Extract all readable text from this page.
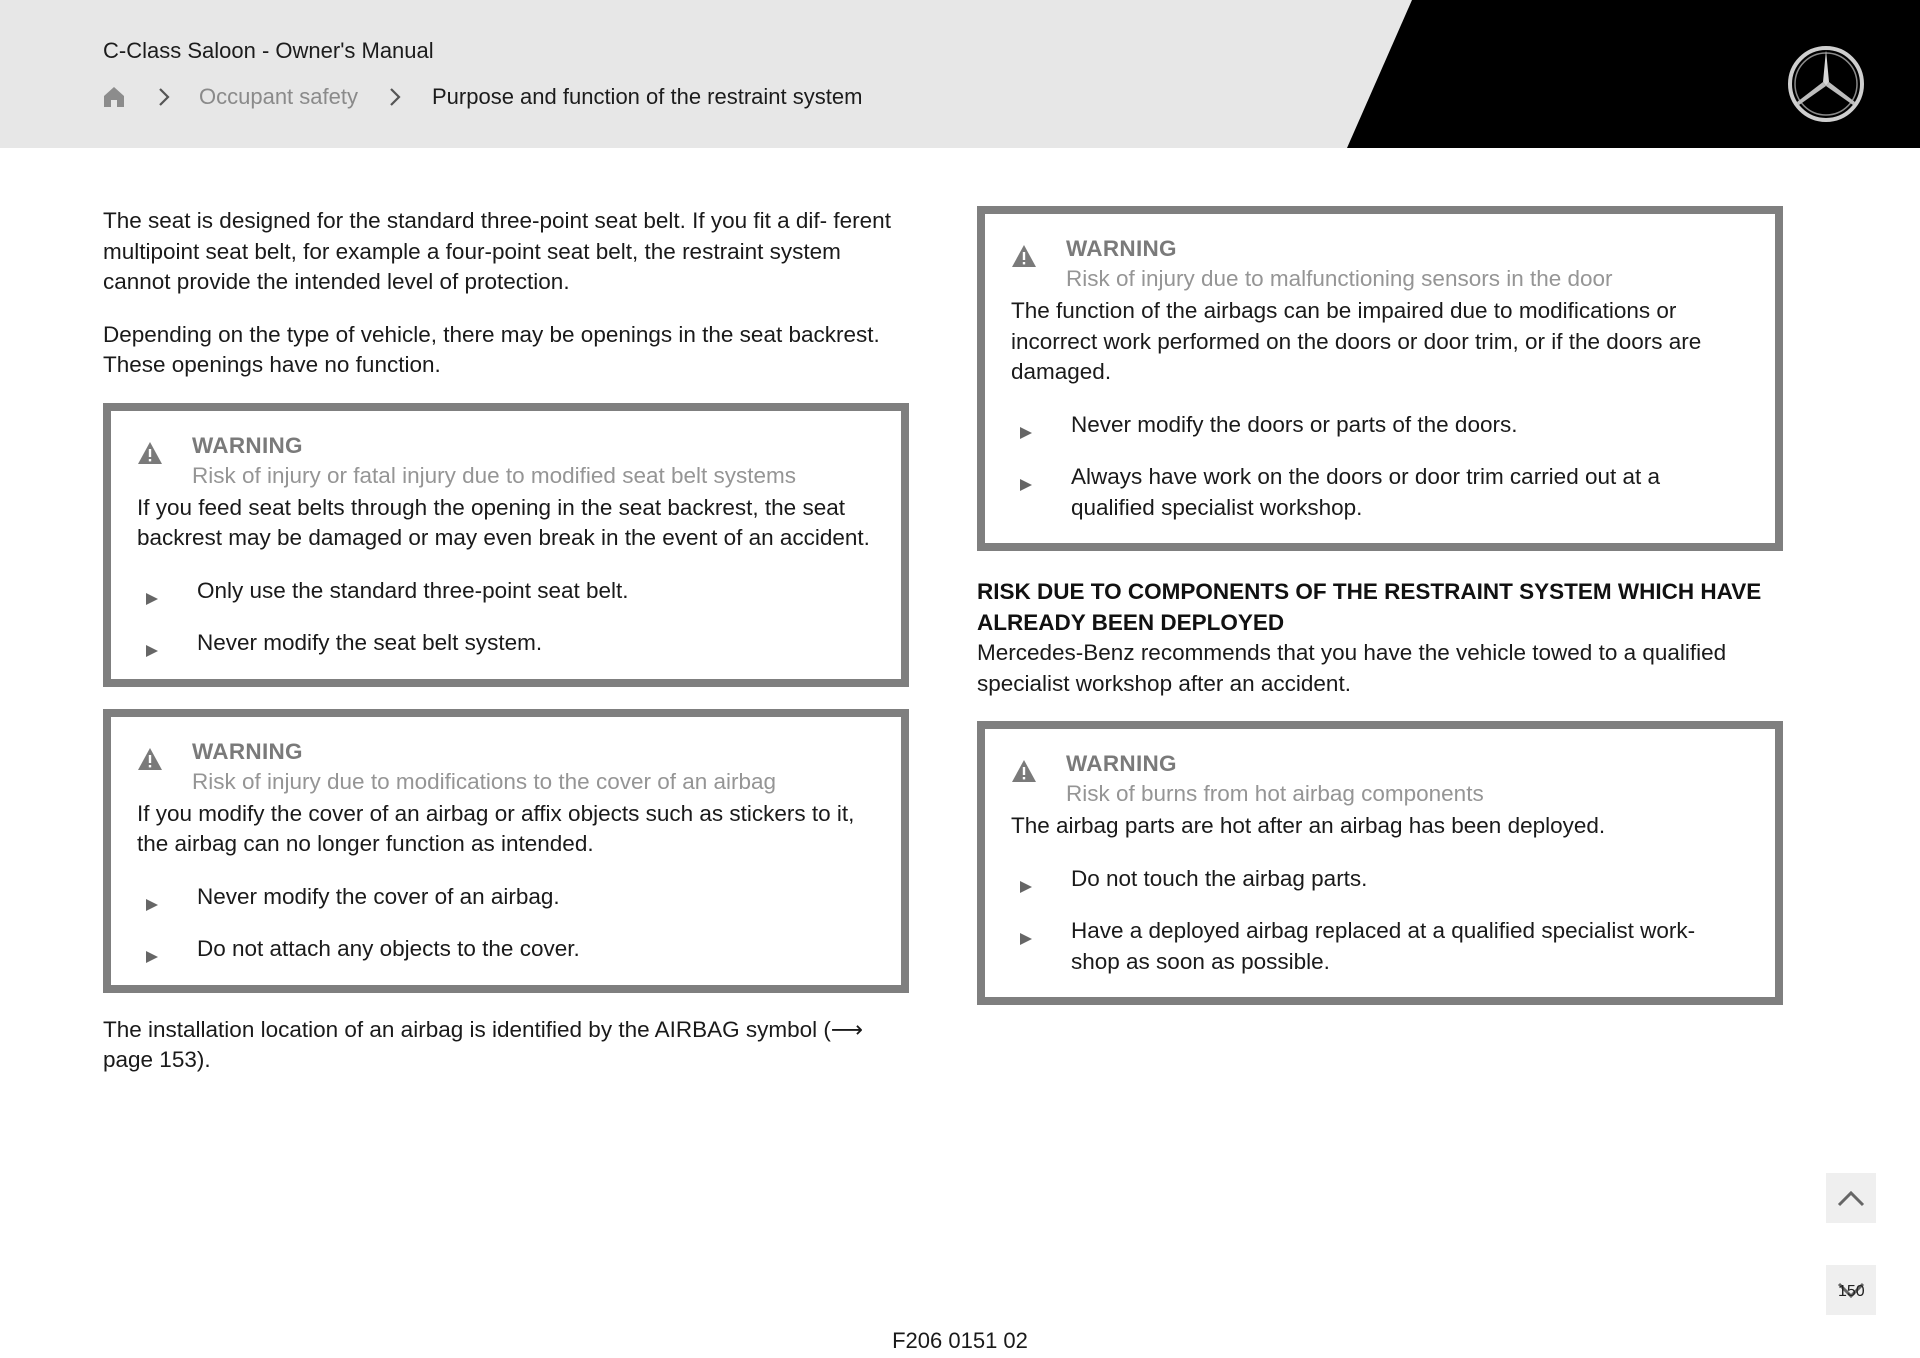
C-Class Saloon - Owner's Manual
Occupant safety	Purpose and function of the restraint system

The seat is designed for the standard three-point seat belt. If you fit a dif- ferent multipoint seat belt, for example a four-point seat belt, the restraint system cannot provide the intended level of protection.

Depending on the type of vehicle, there may be openings in the seat backrest. These openings have no function.

WARNING
Risk of injury or fatal injury due to modified seat belt systems

If you feed seat belts through the opening in the seat backrest, the seat backrest may be damaged or may even break in the event of an accident.

Only use the standard three-point seat belt.
Never modify the seat belt system.
WARNING
Risk of injury due to modifications to the cover of an airbag

If you modify the cover of an airbag or affix objects such as stickers to it, the airbag can no longer function as intended.

Never modify the cover of an airbag.
Do not attach any objects to the cover.

The installation location of an airbag is identified by the AIRBAG symbol (⟶ page 153).

WARNING
Risk of injury due to malfunctioning sensors in the door

The function of the airbags can be impaired due to modifications or incorrect work performed on the doors or door trim, or if the doors are damaged.

Never modify the doors or parts of the doors.
Always have work on the doors or door trim carried out at a qualified specialist workshop.

RISK DUE TO COMPONENTS OF THE RESTRAINT SYSTEM WHICH HAVE ALREADY BEEN DEPLOYED

Mercedes-Benz recommends that you have the vehicle towed to a qualified specialist workshop after an accident.

WARNING
Risk of burns from hot airbag components

The airbag parts are hot after an airbag has been deployed.

Do not touch the airbag parts.
Have a deployed airbag replaced at a qualified specialist work- shop as soon as possible.
150
F206 0151 02
